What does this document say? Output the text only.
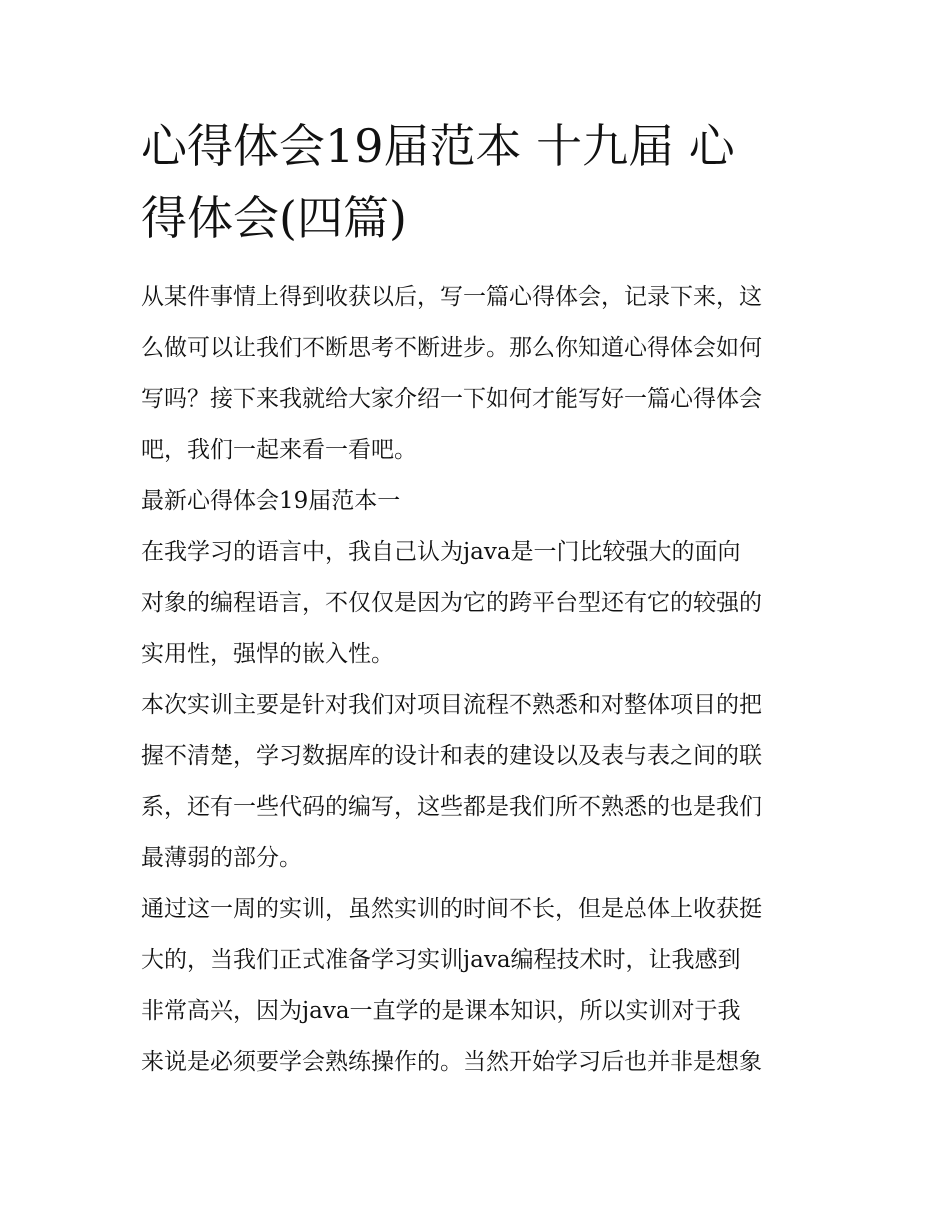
心得体会19届范本 十九届 心
得体会(四篇)

从某件事情上得到收获以后，写一篇心得体会，记录下来，这
么做可以让我们不断思考不断进步。那么你知道心得体会如何
写吗？接下来我就给大家介绍一下如何才能写好一篇心得体会
吧，我们一起来看一看吧。

最新心得体会19届范本一

在我学习的语言中，我自己认为java是一门比较强大的面向
对象的编程语言，不仅仅是因为它的跨平台型还有它的较强的
实用性，强悍的嵌入性。

本次实训主要是针对我们对项目流程不熟悉和对整体项目的把
握不清楚，学习数据库的设计和表的建设以及表与表之间的联
系，还有一些代码的编写，这些都是我们所不熟悉的也是我们
最薄弱的部分。

通过这一周的实训，虽然实训的时间不长，但是总体上收获挺
大的，当我们正式准备学习实训java编程技术时，让我感到
非常高兴，因为java一直学的是课本知识，所以实训对于我
来说是必须要学会熟练操作的。当然开始学习后也并非是想象
